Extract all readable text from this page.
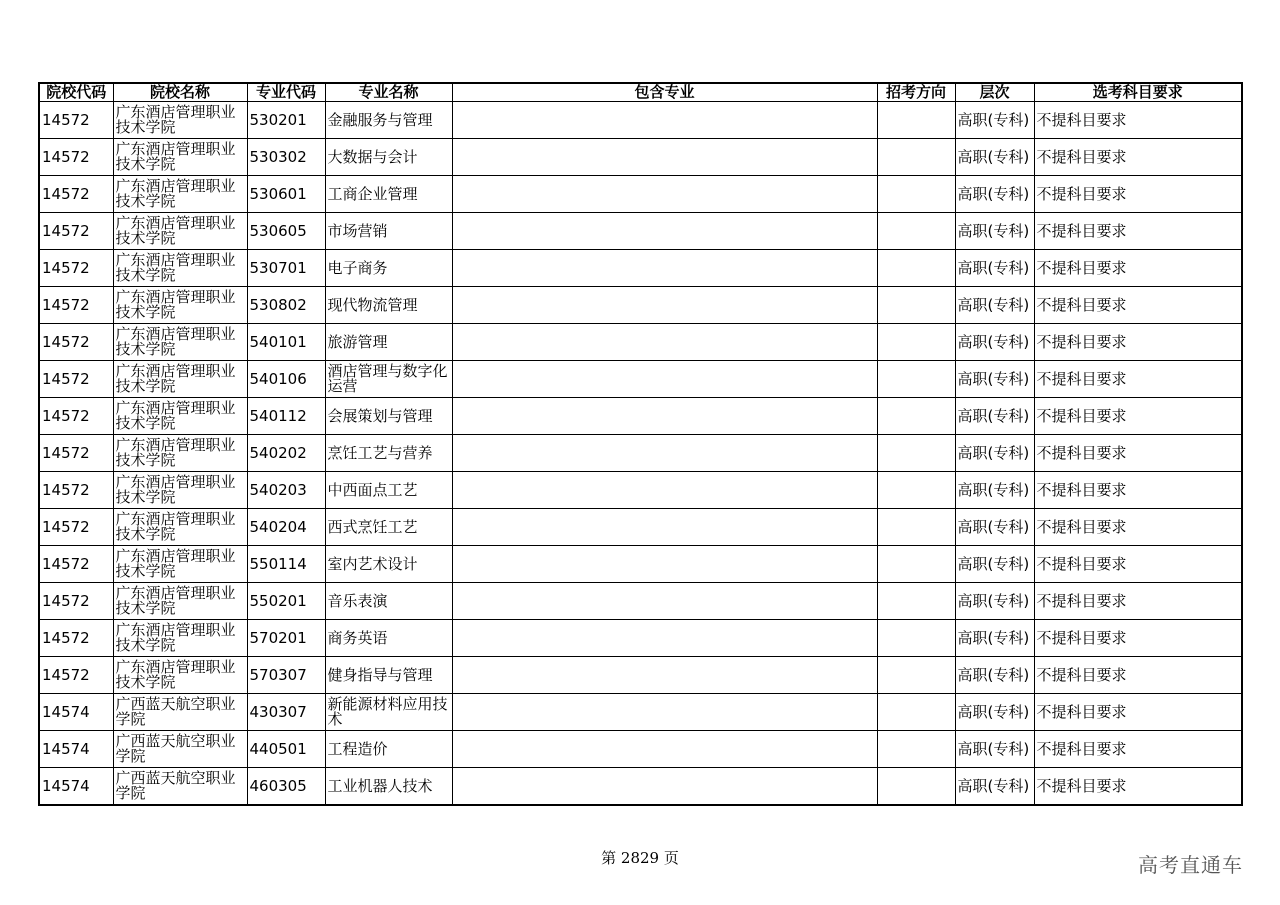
院校代码	院校名称	专业代码	专业名称	包含专业	招考方向	层次	选考科目要求
14572	广东酒店管理职业技术学院	530201	金融服务与管理			高职(专科)	不提科目要求
14572	广东酒店管理职业技术学院	530302	大数据与会计			高职(专科)	不提科目要求
14572	广东酒店管理职业技术学院	530601	工商企业管理			高职(专科)	不提科目要求
14572	广东酒店管理职业技术学院	530605	市场营销			高职(专科)	不提科目要求
14572	广东酒店管理职业技术学院	530701	电子商务			高职(专科)	不提科目要求
14572	广东酒店管理职业技术学院	530802	现代物流管理			高职(专科)	不提科目要求
14572	广东酒店管理职业技术学院	540101	旅游管理			高职(专科)	不提科目要求
14572	广东酒店管理职业技术学院	540106	酒店管理与数字化运营			高职(专科)	不提科目要求
14572	广东酒店管理职业技术学院	540112	会展策划与管理			高职(专科)	不提科目要求
14572	广东酒店管理职业技术学院	540202	烹饪工艺与营养			高职(专科)	不提科目要求
14572	广东酒店管理职业技术学院	540203	中西面点工艺			高职(专科)	不提科目要求
14572	广东酒店管理职业技术学院	540204	西式烹饪工艺			高职(专科)	不提科目要求
14572	广东酒店管理职业技术学院	550114	室内艺术设计			高职(专科)	不提科目要求
14572	广东酒店管理职业技术学院	550201	音乐表演			高职(专科)	不提科目要求
14572	广东酒店管理职业技术学院	570201	商务英语			高职(专科)	不提科目要求
14572	广东酒店管理职业技术学院	570307	健身指导与管理			高职(专科)	不提科目要求
14574	广西蓝天航空职业学院	430307	新能源材料应用技术			高职(专科)	不提科目要求
14574	广西蓝天航空职业学院	440501	工程造价			高职(专科)	不提科目要求
14574	广西蓝天航空职业学院	460305	工业机器人技术			高职(专科)	不提科目要求
第 2829 页	高考直通车
